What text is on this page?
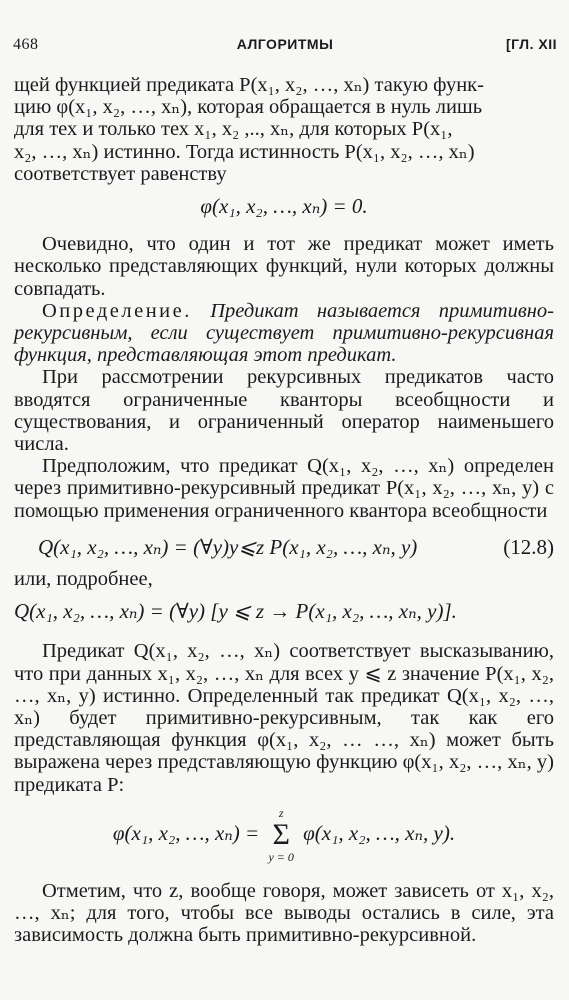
468	АЛГОРИТМЫ	[ГЛ. XII

щей функцией предиката P(x₁, x₂, …, xₙ) такую функ-
цию φ(x₁, x₂, …, xₙ), которая обращается в нуль лишь
для тех и только тех x₁, x₂ ,.., xₙ, для которых P(x₁,
x₂, …, xₙ) истинно. Тогда истинность P(x₁, x₂, …, xₙ)
соответствует равенству

φ(x₁, x₂, …, xₙ) = 0.

Очевидно, что один и тот же предикат может иметь несколько представляющих функций, нули которых должны совпадать.

Определение. Предикат называется примитивно-рекурсивным, если существует примитивно-рекурсивная функция, представляющая этот предикат.

При рассмотрении рекурсивных предикатов часто вводятся ограниченные кванторы всеобщности и существования, и ограниченный оператор наименьшего числа.

Предположим, что предикат Q(x₁, x₂, …, xₙ) определен через примитивно-рекурсивный предикат P(x₁, x₂, …, xₙ, y) с помощью применения ограниченного квантора всеобщности

Q(x₁, x₂, …, xₙ) = (∀y)y⩽z P(x₁, x₂, …, xₙ, y)	(12.8)

или, подробнее,

Q(x₁, x₂, …, xₙ) = (∀y) [y ⩽ z → P(x₁, x₂, …, xₙ, y)].

Предикат Q(x₁, x₂, …, xₙ) соответствует высказыванию, что при данных x₁, x₂, …, xₙ для всех y ⩽ z значение P(x₁, x₂, …, xₙ, y) истинно. Определенный так предикат Q(x₁, x₂, …, xₙ) будет примитивно-рекурсивным, так как его представляющая функция φ(x₁, x₂, … …, xₙ) может быть выражена через представляющую функцию φ(x₁, x₂, …, xₙ, y) предиката P:

φ(x₁, x₂, …, xₙ) =
z
Σ
y = 0
φ(x₁, x₂, …, xₙ, y).

Отметим, что z, вообще говоря, может зависеть от x₁, x₂, …, xₙ; для того, чтобы все выводы остались в силе, эта зависимость должна быть примитивно-рекурсивной.
